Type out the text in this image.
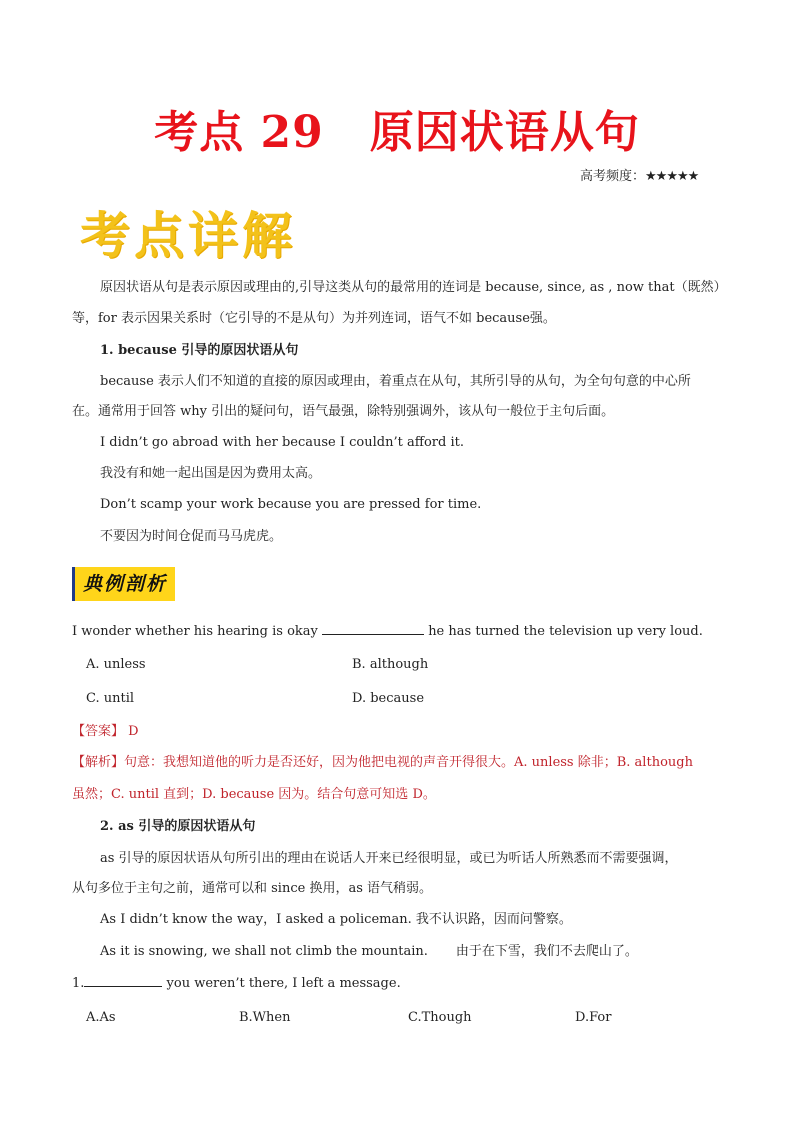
考点 29 原因状语从句
高考频度：★★★★★
考点详解
原因状语从句是表示原因或理由的,引导这类从句的最常用的连词是 because, since, as , now that（既然）
等，for 表示因果关系时（它引导的不是从句）为并列连词，语气不如 because强。
1. because 引导的原因状语从句
because 表示人们不知道的直接的原因或理由，着重点在从句，其所引导的从句，为全句句意的中心所
在。通常用于回答 why 引出的疑问句，语气最强，除特别强调外，该从句一般位于主句后面。
I didn’t go abroad with her because I couldn’t afford it.
我没有和她一起出国是因为费用太高。
Don’t scamp your work because you are pressed for time.
不要因为时间仓促而马马虎虎。
典例剖析
I wonder whether his hearing is okay	he has turned the television up very loud.
A. unless	B. although
C. until	D. because
【答案】 D
【解析】句意：我想知道他的听力是否还好，因为他把电视的声音开得很大。A. unless 除非；B. although
虽然；C. until 直到；D. because 因为。结合句意可知选 D。
2. as 引导的原因状语从句
as 引导的原因状语从句所引出的理由在说话人开来已经很明显，或已为听话人所熟悉而不需要强调，
从句多位于主句之前，通常可以和 since 换用，as 语气稍弱。
As I didn’t know the way，I asked a policeman. 我不认识路，因而问警察。
As it is snowing, we shall not climb the mountain. 由于在下雪，我们不去爬山了。
1.	you weren’t there, I left a message.
A.As	B.When	C.Though	D.For
